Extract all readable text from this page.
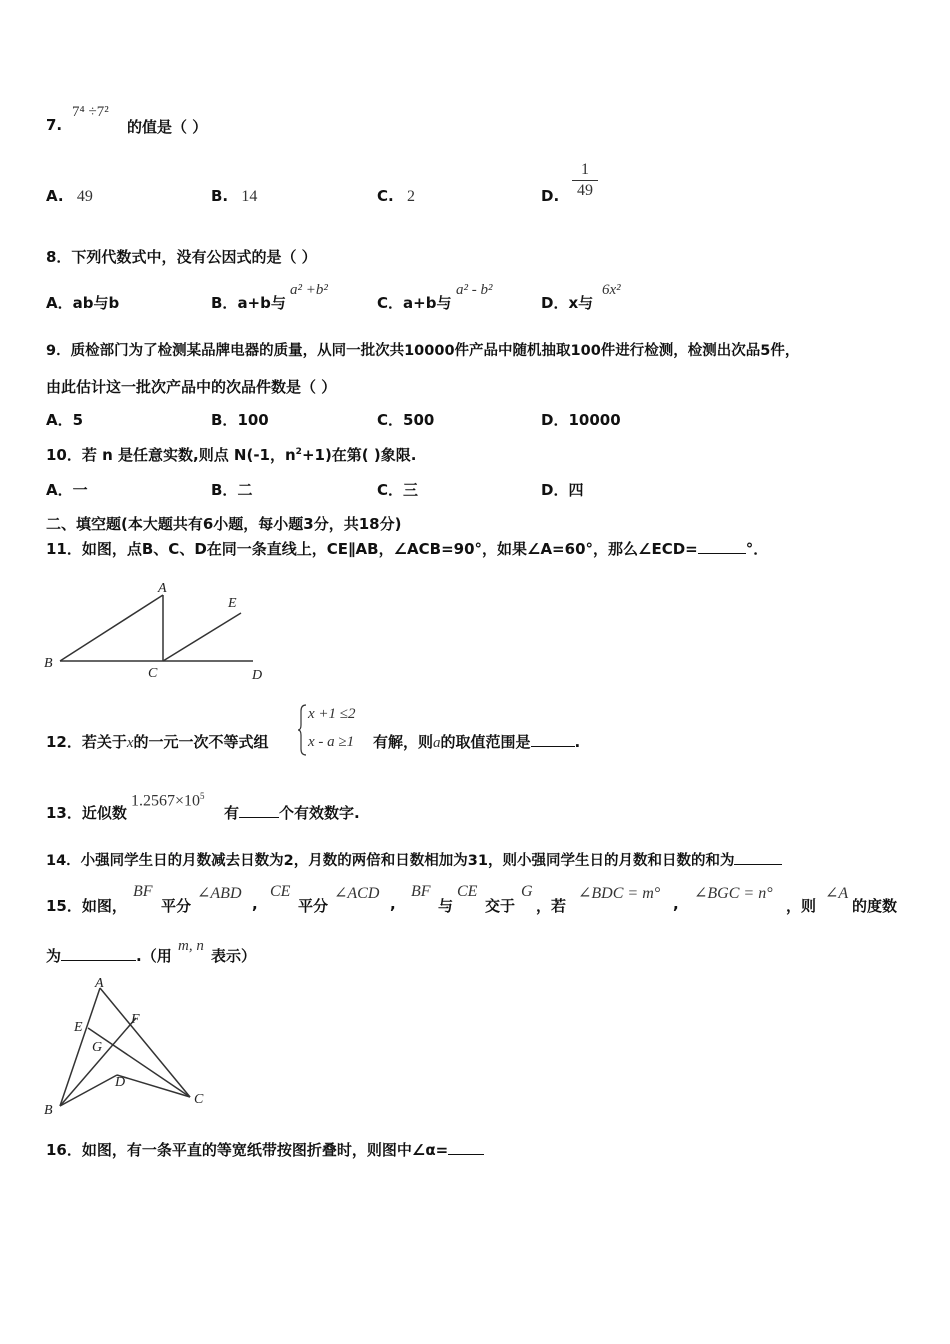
7.
7⁴ ÷7²
的值是（ ）
A. 49	B. 14	C. 2	D. $\frac{1}{49}$
8．下列代数式中，没有公因式的是（ ）
A．ab与b	B．a+b与
a² +b²
C．a+b与
a² - b²
D．x与
6x²
9．质检部门为了检测某品牌电器的质量，从同一批次共10000件产品中随机抽取100件进行检测，检测出次品5件，
由此估计这一批次产品中的次品件数是（ ）
A．5	B．100	C．500	D．10000
10．若 n 是任意实数,则点 N(-1，$n^2+1$)在第( )象限.
A．一	B．二	C．三	D．四
二、填空题(本大题共有6小题，每小题3分，共18分)
11．如图，点B、C、D在同一条直线上，CE∥AB，∠ACB=90°，如果∠A=60°，那么∠ECD=	°．
A
B
C	D
E
12．若关于x的一元一次不等式组
x +1 ≤2
x - a ≥1 有解，则a的取值范围是	.
13．近似数
$1.2567\times 10^5$
有	个有效数字.
14．小强同学生日的月数减去日数为2，月数的两倍和日数相加为31，则小强同学生日的月数和日数的和为
15．如图，
BF
平分
∠ABD
,
CE
平分
∠ACD
,
BF
与
CE
交于
G
，若
∠BDC = m°
,
∠BGC = n°
，则
∠A
的度数
为	.（用
m, n
表示）
A
B
C
D
E
F
G
16．如图，有一条平直的等宽纸带按图折叠时，则图中∠α=
